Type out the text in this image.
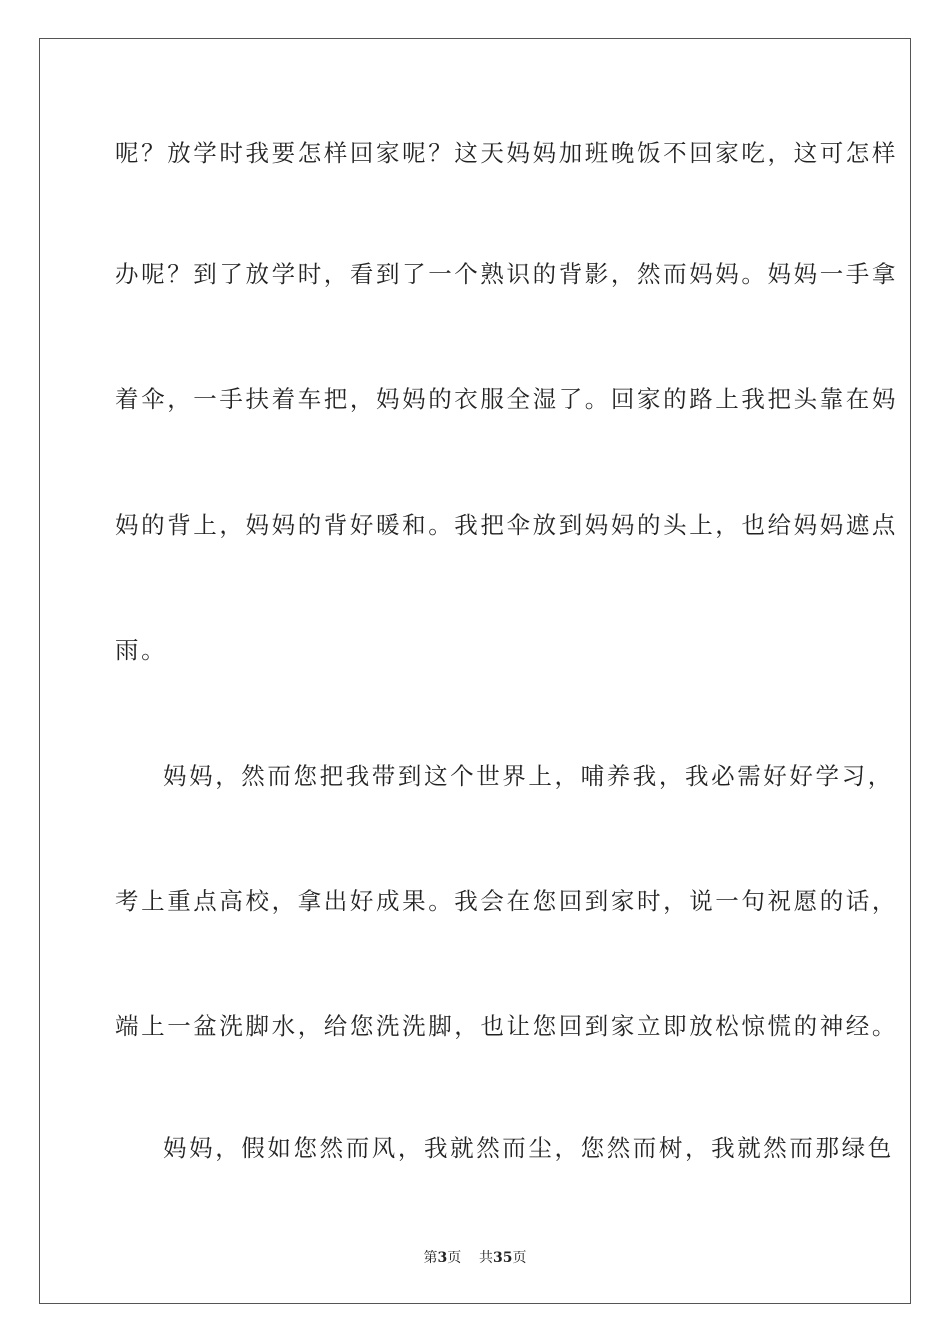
呢？放学时我要怎样回家呢？这天妈妈加班晚饭不回家吃，这可怎样
办呢？到了放学时，看到了一个熟识的背影，然而妈妈。妈妈一手拿
着伞，一手扶着车把，妈妈的衣服全湿了。回家的路上我把头靠在妈
妈的背上，妈妈的背好暖和。我把伞放到妈妈的头上，也给妈妈遮点
雨。
妈妈，然而您把我带到这个世界上，哺养我，我必需好好学习，
考上重点高校，拿出好成果。我会在您回到家时，说一句祝愿的话，
端上一盆洗脚水，给您洗洗脚，也让您回到家立即放松惊慌的神经。
妈妈，假如您然而风，我就然而尘，您然而树，我就然而那绿色
第3页 共35页
